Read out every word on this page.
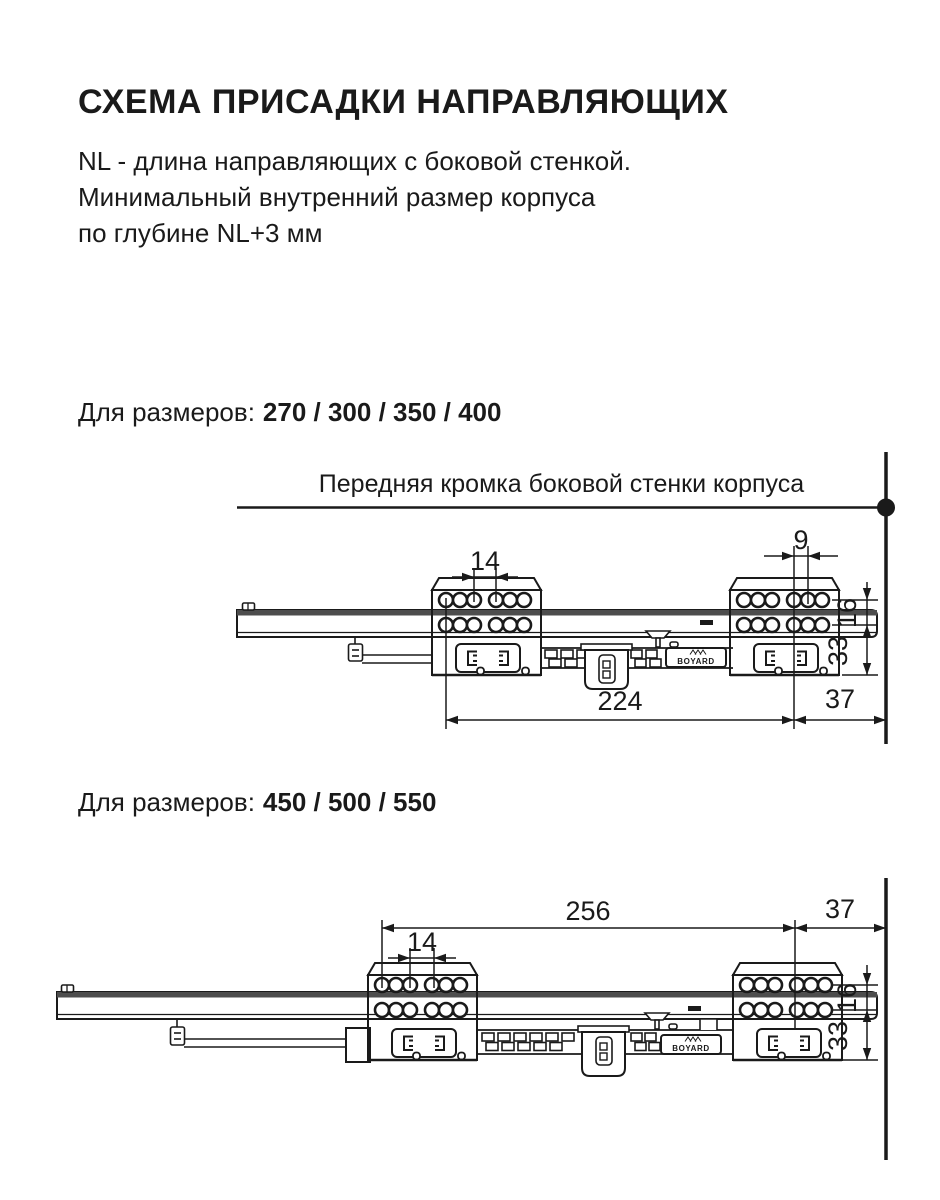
СХЕМА ПРИСАДКИ НАПРАВЛЯЮЩИХ
NL - длина направляющих с боковой стенкой.
Минимальный внутренний размер корпуса
по глубине NL+3 мм
Для размеров: 270 / 300 / 350 / 400
Передняя кромка боковой стенки корпуса
Для размеров: 450 / 500 / 550
BOYARD
14
9
224	37
16
33
BOYARD
256	37
14
16
33
